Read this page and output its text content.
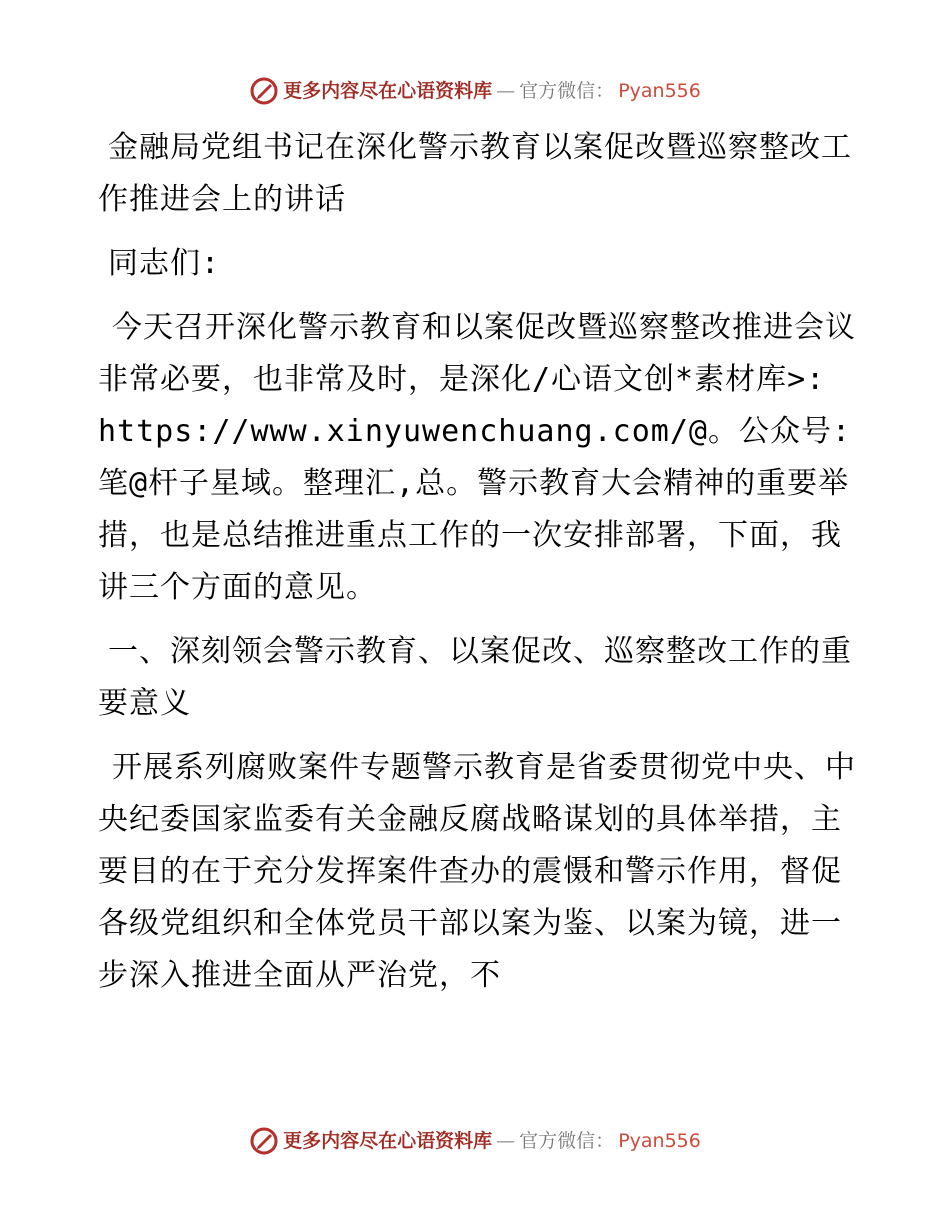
更多内容尽在心语资料库 — 官方微信： Pyan556

金融局党组书记在深化警示教育以案促改暨巡察整改工作推进会上的讲话

同志们:

今天召开深化警示教育和以案促改暨巡察整改推进会议非常必要，也非常及时，是深化/心语文创*素材库>: https://www.xinyuwenchuang.com/@。公众号: 笔@杆子星域。整理汇,总。警示教育大会精神的重要举措，也是总结推进重点工作的一次安排部署，下面，我讲三个方面的意见。

一、深刻领会警示教育、以案促改、巡察整改工作的重要意义

开展系列腐败案件专题警示教育是省委贯彻党中央、中央纪委国家监委有关金融反腐战略谋划的具体举措，主要目的在于充分发挥案件查办的震慑和警示作用，督促各级党组织和全体党员干部以案为鉴、以案为镜，进一步深入推进全面从严治党，不

更多内容尽在心语资料库 — 官方微信： Pyan556
